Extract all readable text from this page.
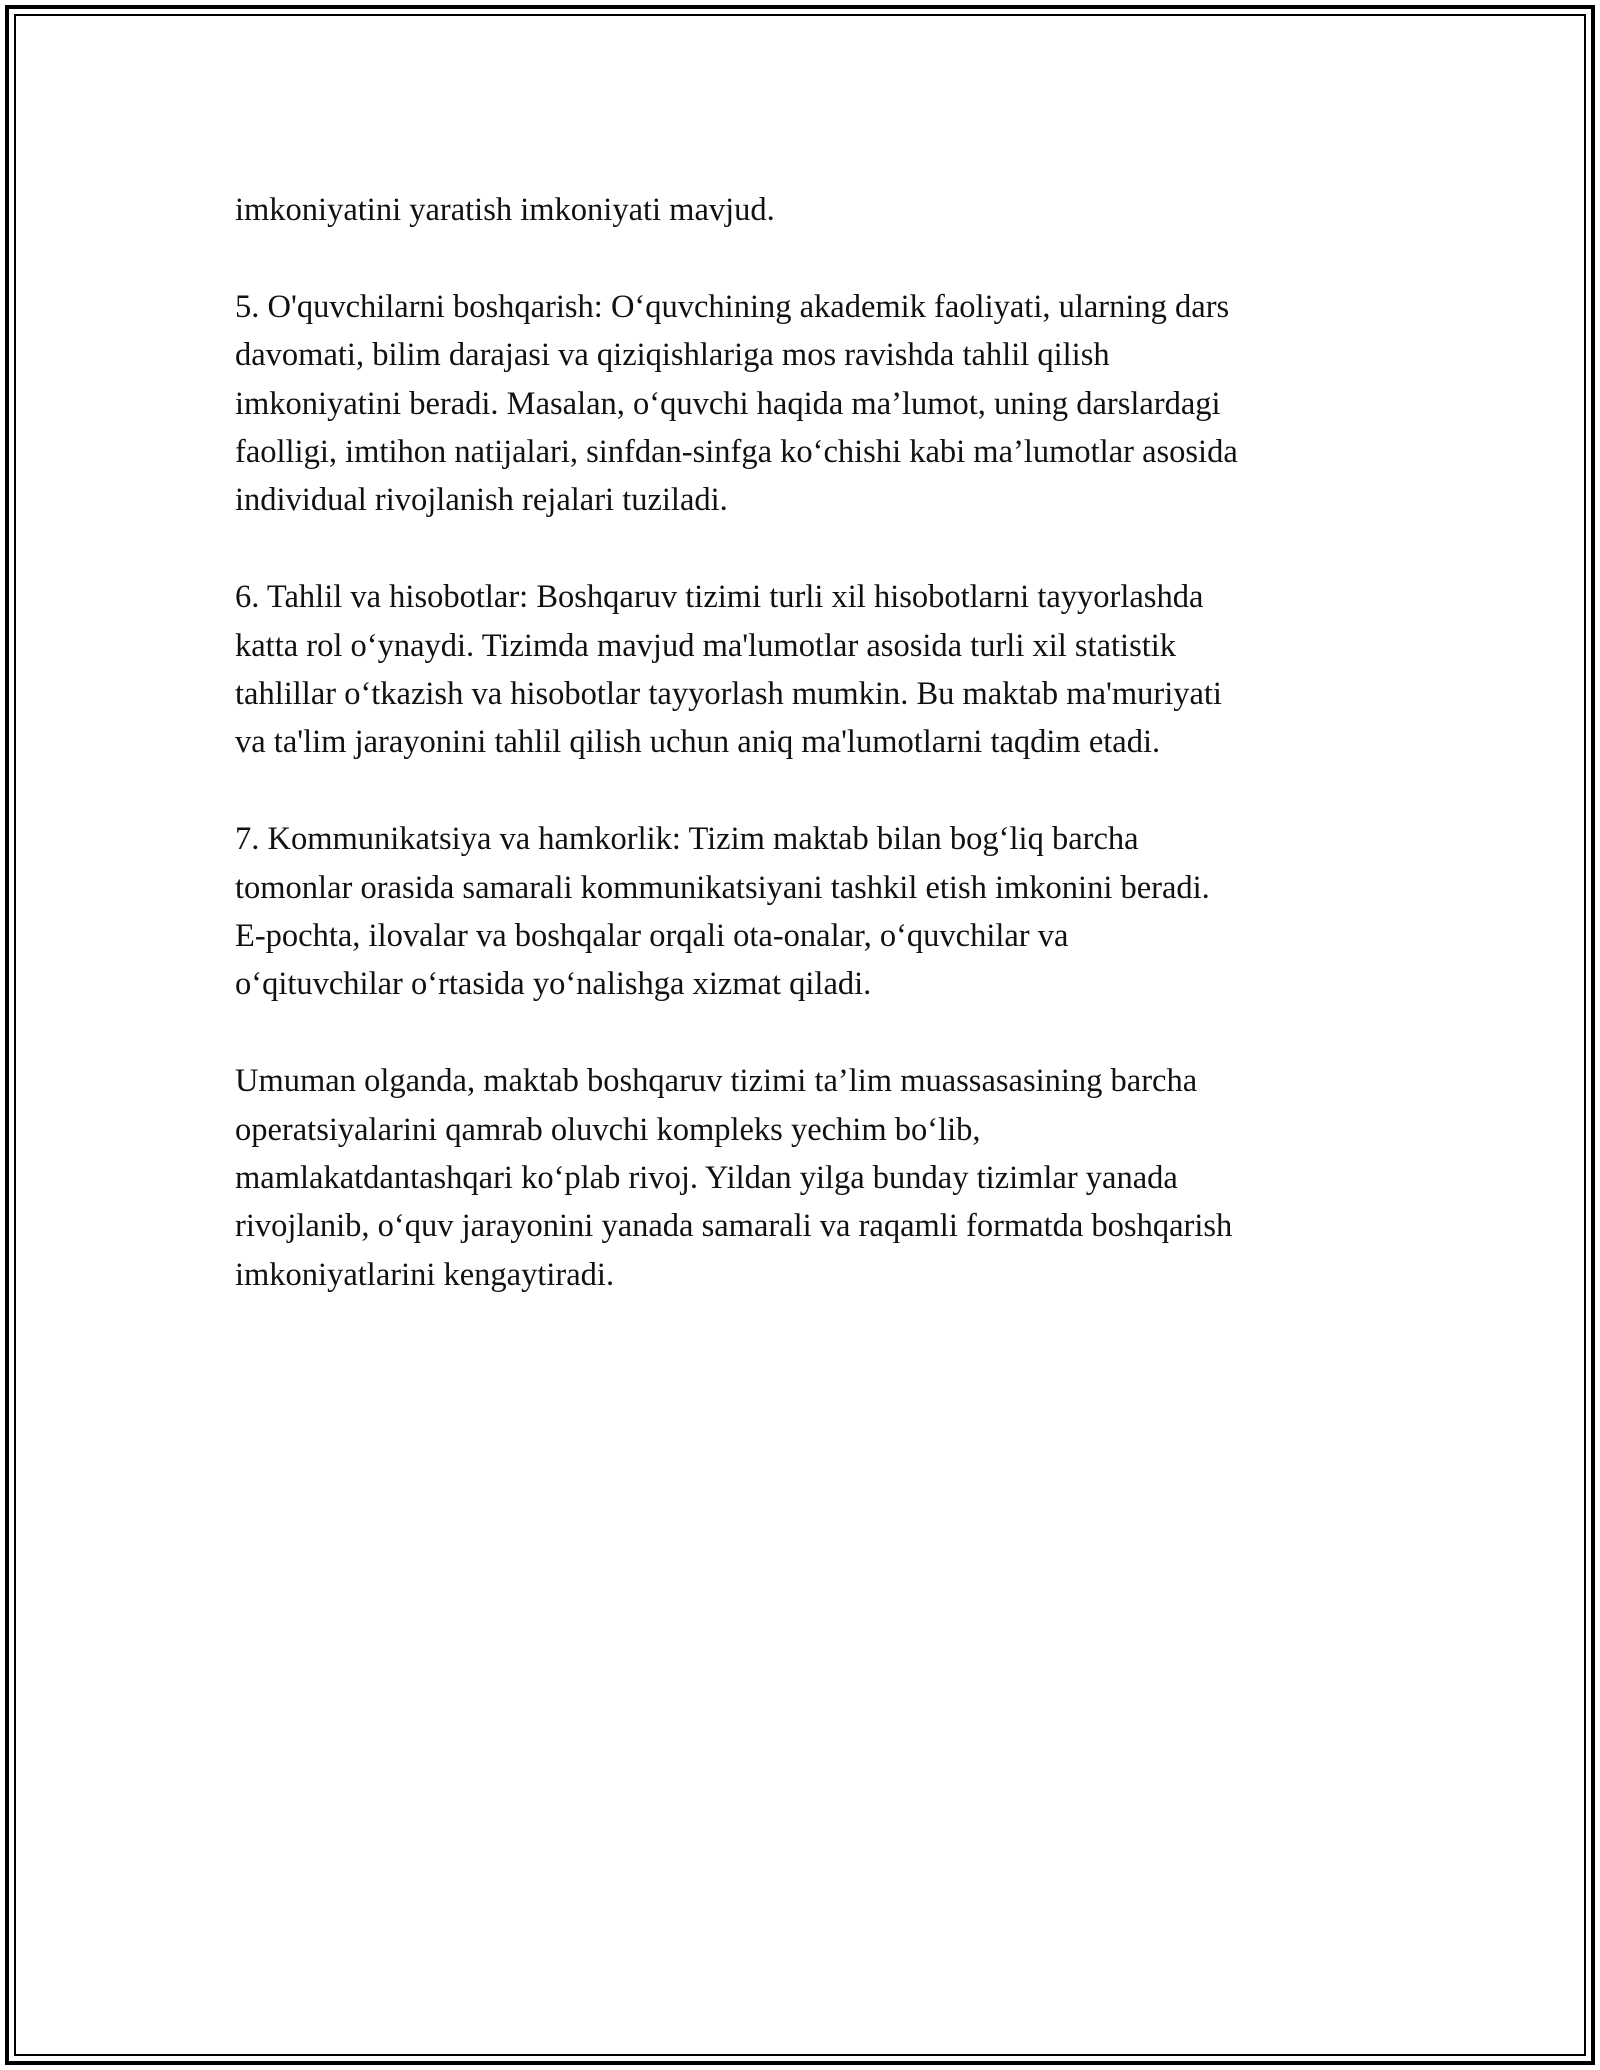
imkoniyatini yaratish imkoniyati mavjud.

5. O'quvchilarni boshqarish: O‘quvchining akademik faoliyati, ularning dars
davomati, bilim darajasi va qiziqishlariga mos ravishda tahlil qilish
imkoniyatini beradi. Masalan, o‘quvchi haqida ma’lumot, uning darslardagi
faolligi, imtihon natijalari, sinfdan-sinfga ko‘chishi kabi ma’lumotlar asosida
individual rivojlanish rejalari tuziladi.

6. Tahlil va hisobotlar: Boshqaruv tizimi turli xil hisobotlarni tayyorlashda
katta rol o‘ynaydi. Tizimda mavjud ma'lumotlar asosida turli xil statistik
tahlillar o‘tkazish va hisobotlar tayyorlash mumkin. Bu maktab ma'muriyati
va ta'lim jarayonini tahlil qilish uchun aniq ma'lumotlarni taqdim etadi.

7. Kommunikatsiya va hamkorlik: Tizim maktab bilan bog‘liq barcha
tomonlar orasida samarali kommunikatsiyani tashkil etish imkonini beradi.
E-pochta, ilovalar va boshqalar orqali ota-onalar, o‘quvchilar va
o‘qituvchilar o‘rtasida yo‘nalishga xizmat qiladi.

Umuman olganda, maktab boshqaruv tizimi ta’lim muassasasining barcha
operatsiyalarini qamrab oluvchi kompleks yechim bo‘lib,
mamlakatdantashqari ko‘plab rivoj. Yildan yilga bunday tizimlar yanada
rivojlanib, o‘quv jarayonini yanada samarali va raqamli formatda boshqarish
imkoniyatlarini kengaytiradi.
